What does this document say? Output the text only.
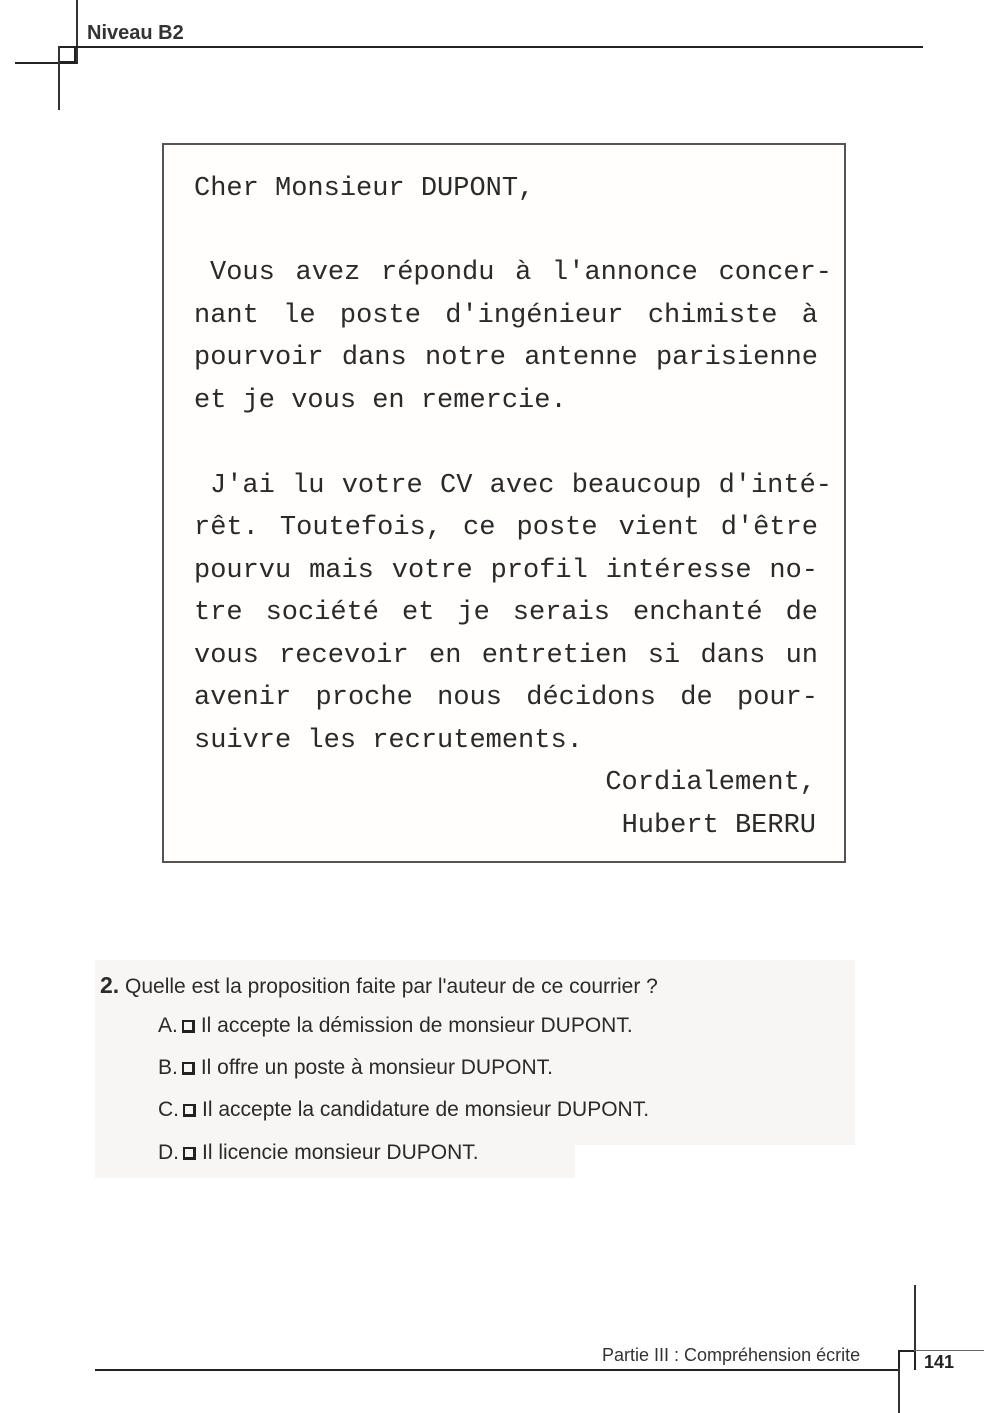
Niveau B2
Cher Monsieur DUPONT,
Vous avez répondu à l'annonce concer-
nant le poste d'ingénieur chimiste à
pourvoir dans notre antenne parisienne
et je vous en remercie.
J'ai lu votre CV avec beaucoup d'inté-
rêt. Toutefois, ce poste vient d'être
pourvu mais votre profil intéresse no-
tre société et je serais enchanté de
vous recevoir en entretien si dans un
avenir proche nous décidons de pour-
suivre les recrutements.
Cordialement,
Hubert BERRU
2. Quelle est la proposition faite par l'auteur de ce courrier ?
A. Il accepte la démission de monsieur DUPONT.
B. Il offre un poste à monsieur DUPONT.
C. Il accepte la candidature de monsieur DUPONT.
D. Il licencie monsieur DUPONT.
Partie III : Compréhension écrite	141
